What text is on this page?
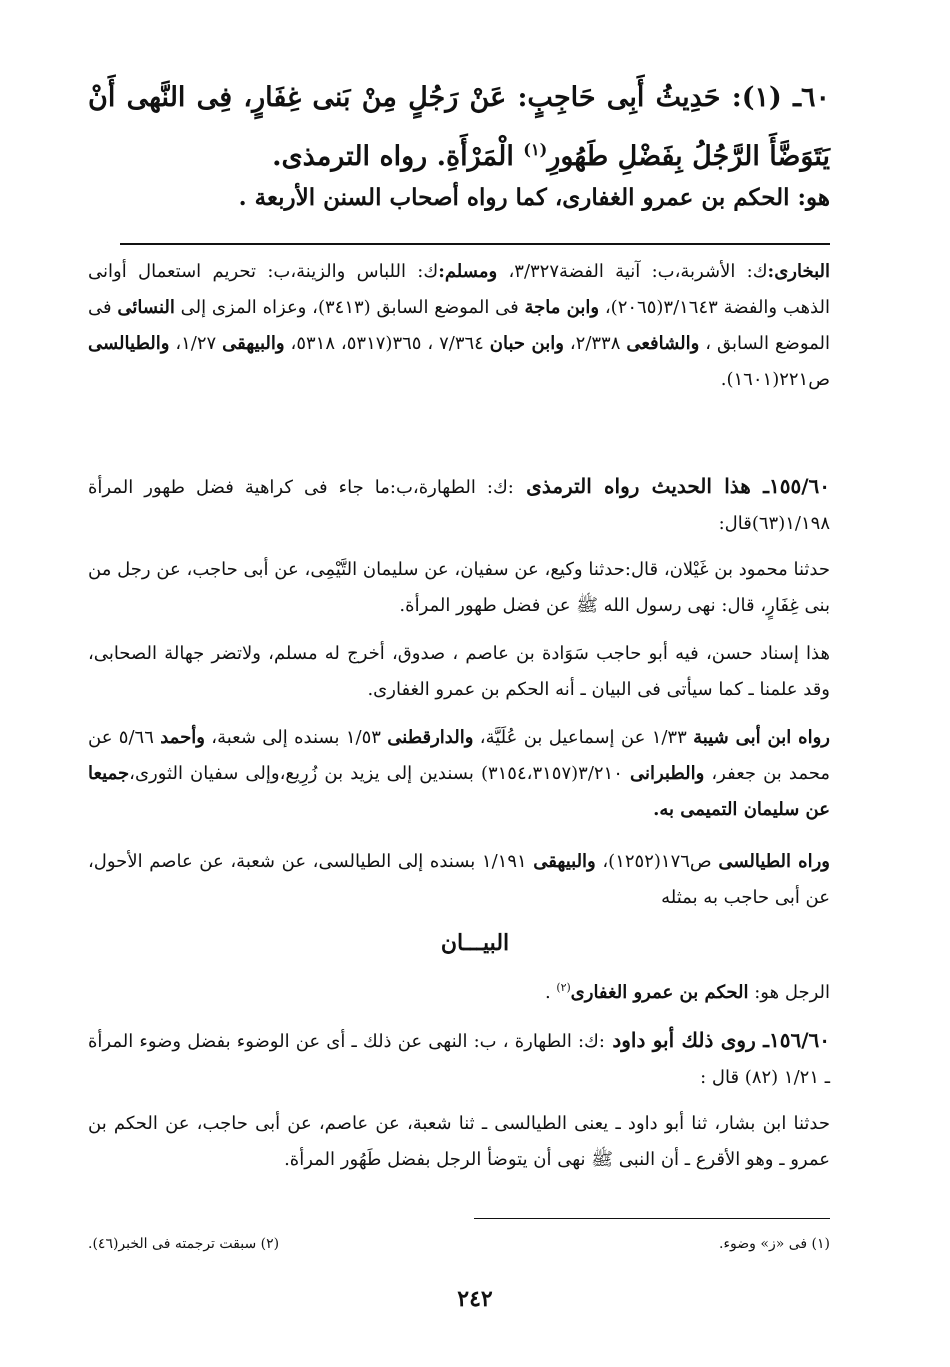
٦٠ـ (١): حَدِيثُ أَبِى حَاجِبٍ: عَنْ رَجُلٍ مِنْ بَنى غِفَارٍ، فِى النَّهى أَنْ يَتَوَضَّأَ الرَّجُلُ بِفَضْلِ طَهُورِ$^{(١)}$ الْمَرْأَةِ. رواه الترمذى.
هو: الحكم بن عمرو الغفارى، كما رواه أصحاب السنن الأربعة .
البخارى:ك: الأشربة،ب: آنية الفضة٣/٣٢٧، ومسلم:ك: اللباس والزينة،ب: تحريم استعمال أوانى الذهب والفضة ٣/١٦٤٣(٢٠٦٥)، وابن ماجة فى الموضع السابق (٣٤١٣)، وعزاه المزى إلى النسائى فى الموضع السابق ، والشافعى ٢/٣٣٨، وابن حبان ٧/٣٦٤ ، ٣٦٥(٥٣١٧، ٥٣١٨، والبيهقى ١/٢٧، والطيالسى ص٢٢١(١٦٠١).
١٥٥/٦٠ـ هذا الحديث رواه الترمذى :ك: الطهارة،ب:ما جاء فى كراهية فضل طهور المرأة ١/١٩٨(٦٣)قال:
حدثنا محمود بن غَيْلان، قال:حدثنا وكيع، عن سفيان، عن سليمان التَّيْمِى، عن أبى حاجب، عن رجل من بنى غِفَارٍ، قال: نهى رسول الله ﷺ عن فضل طهور المرأة.
هذا إسناد حسن، فيه أبو حاجب سَوَادة بن عاصم ، صدوق، أخرج له مسلم، ولاتضر جهالة الصحابى، وقد علمنا ـ كما سيأتى فى البيان ـ أنه الحكم بن عمرو الغفارى.
رواه ابن أبى شيبة ١/٣٣ عن إسماعيل بن عُلَيَّة، والدارقطنى ١/٥٣ بسنده إلى شعبة، وأحمد ٥/٦٦ عن محمد بن جعفر، والطبرانى ٣/٢١٠(٣١٥٤،٣١٥٧) بسندين إلى يزيد بن زُرِيع،وإلى سفيان الثورى،جميعا عن سليمان التميمى به.
وراه الطيالسى ص١٧٦(١٢٥٢)، والبيهقى ١/١٩١ بسنده إلى الطيالسى، عن شعبة، عن عاصم الأحول، عن أبى حاجب به بمثله
البيـــان
الرجل هو: الحكم بن عمرو الغفارى$^{(٢)}$ .
١٥٦/٦٠ـ روى ذلك أبو داود :ك: الطهارة ، ب: النهى عن ذلك ـ أى عن الوضوء بفضل وضوء المرأة ـ ١/٢١ (٨٢) قال :
حدثنا ابن بشار، ثنا أبو داود ـ يعنى الطيالسى ـ ثنا شعبة، عن عاصم، عن أبى حاجب، عن الحكم بن عمرو ـ وهو الأقرع ـ أن النبى ﷺ نهى أن يتوضأ الرجل بفضل طَهُور المرأة.
(١) فى «ز» وضوء.
(٢) سبقت ترجمته فى الخبر(٤٦).
٢٤٢
